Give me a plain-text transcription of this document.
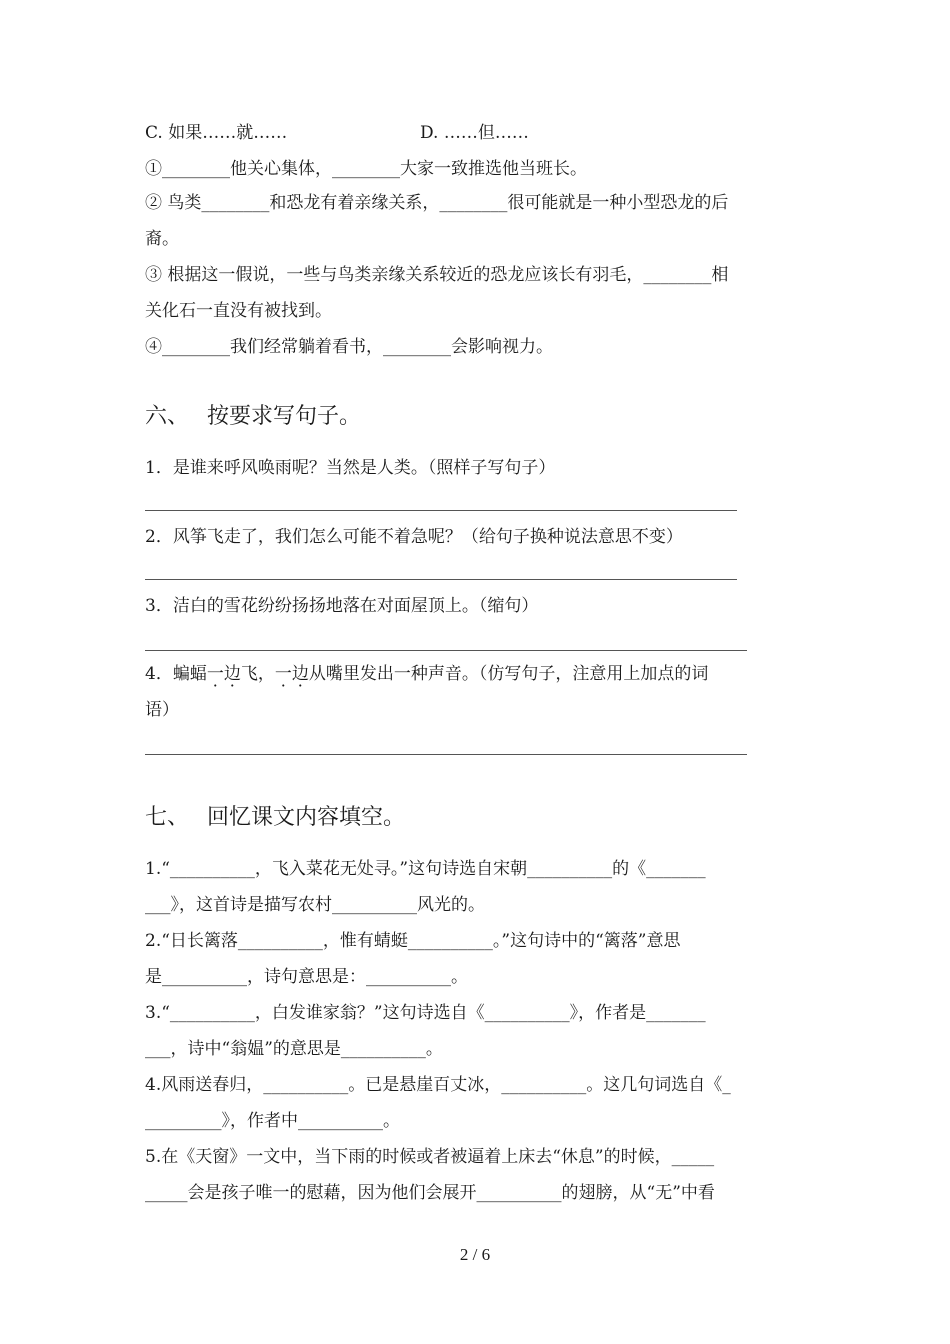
C. 如果……就……	D. ……但……
①________他关心集体，________大家一致推选他当班长。
② 鸟类________和恐龙有着亲缘关系，________很可能就是一种小型恐龙的后
裔。
③ 根据这一假说，一些与鸟类亲缘关系较近的恐龙应该长有羽毛，________相
关化石一直没有被找到。
④________我们经常躺着看书，________会影响视力。
六、 按要求写句子。
1．是谁来呼风唤雨呢？当然是人类。（照样子写句子）
2．风筝飞走了，我们怎么可能不着急呢？（给句子换种说法意思不变）
3．洁白的雪花纷纷扬扬地落在对面屋顶上。（缩句）
4．蝙蝠一边飞，一边从嘴里发出一种声音。（仿写句子，注意用上加点的词
语）
七、 回忆课文内容填空。
1.“__________，飞入菜花无处寻。”这句诗选自宋朝__________的《_______
___》，这首诗是描写农村__________风光的。
2.“日长篱落__________，惟有蜻蜓__________。”这句诗中的“篱落”意思
是__________，诗句意思是：__________。
3.“__________，白发谁家翁？”这句诗选自《__________》，作者是_______
___，诗中“翁媪”的意思是__________。
4.风雨送春归，__________。已是悬崖百丈冰，__________。这几句词选自《_
_________》，作者中__________。
5.在《天窗》一文中，当下雨的时候或者被逼着上床去“休息”的时候，_____
_____会是孩子唯一的慰藉，因为他们会展开__________的翅膀，从“无”中看
2 / 6
